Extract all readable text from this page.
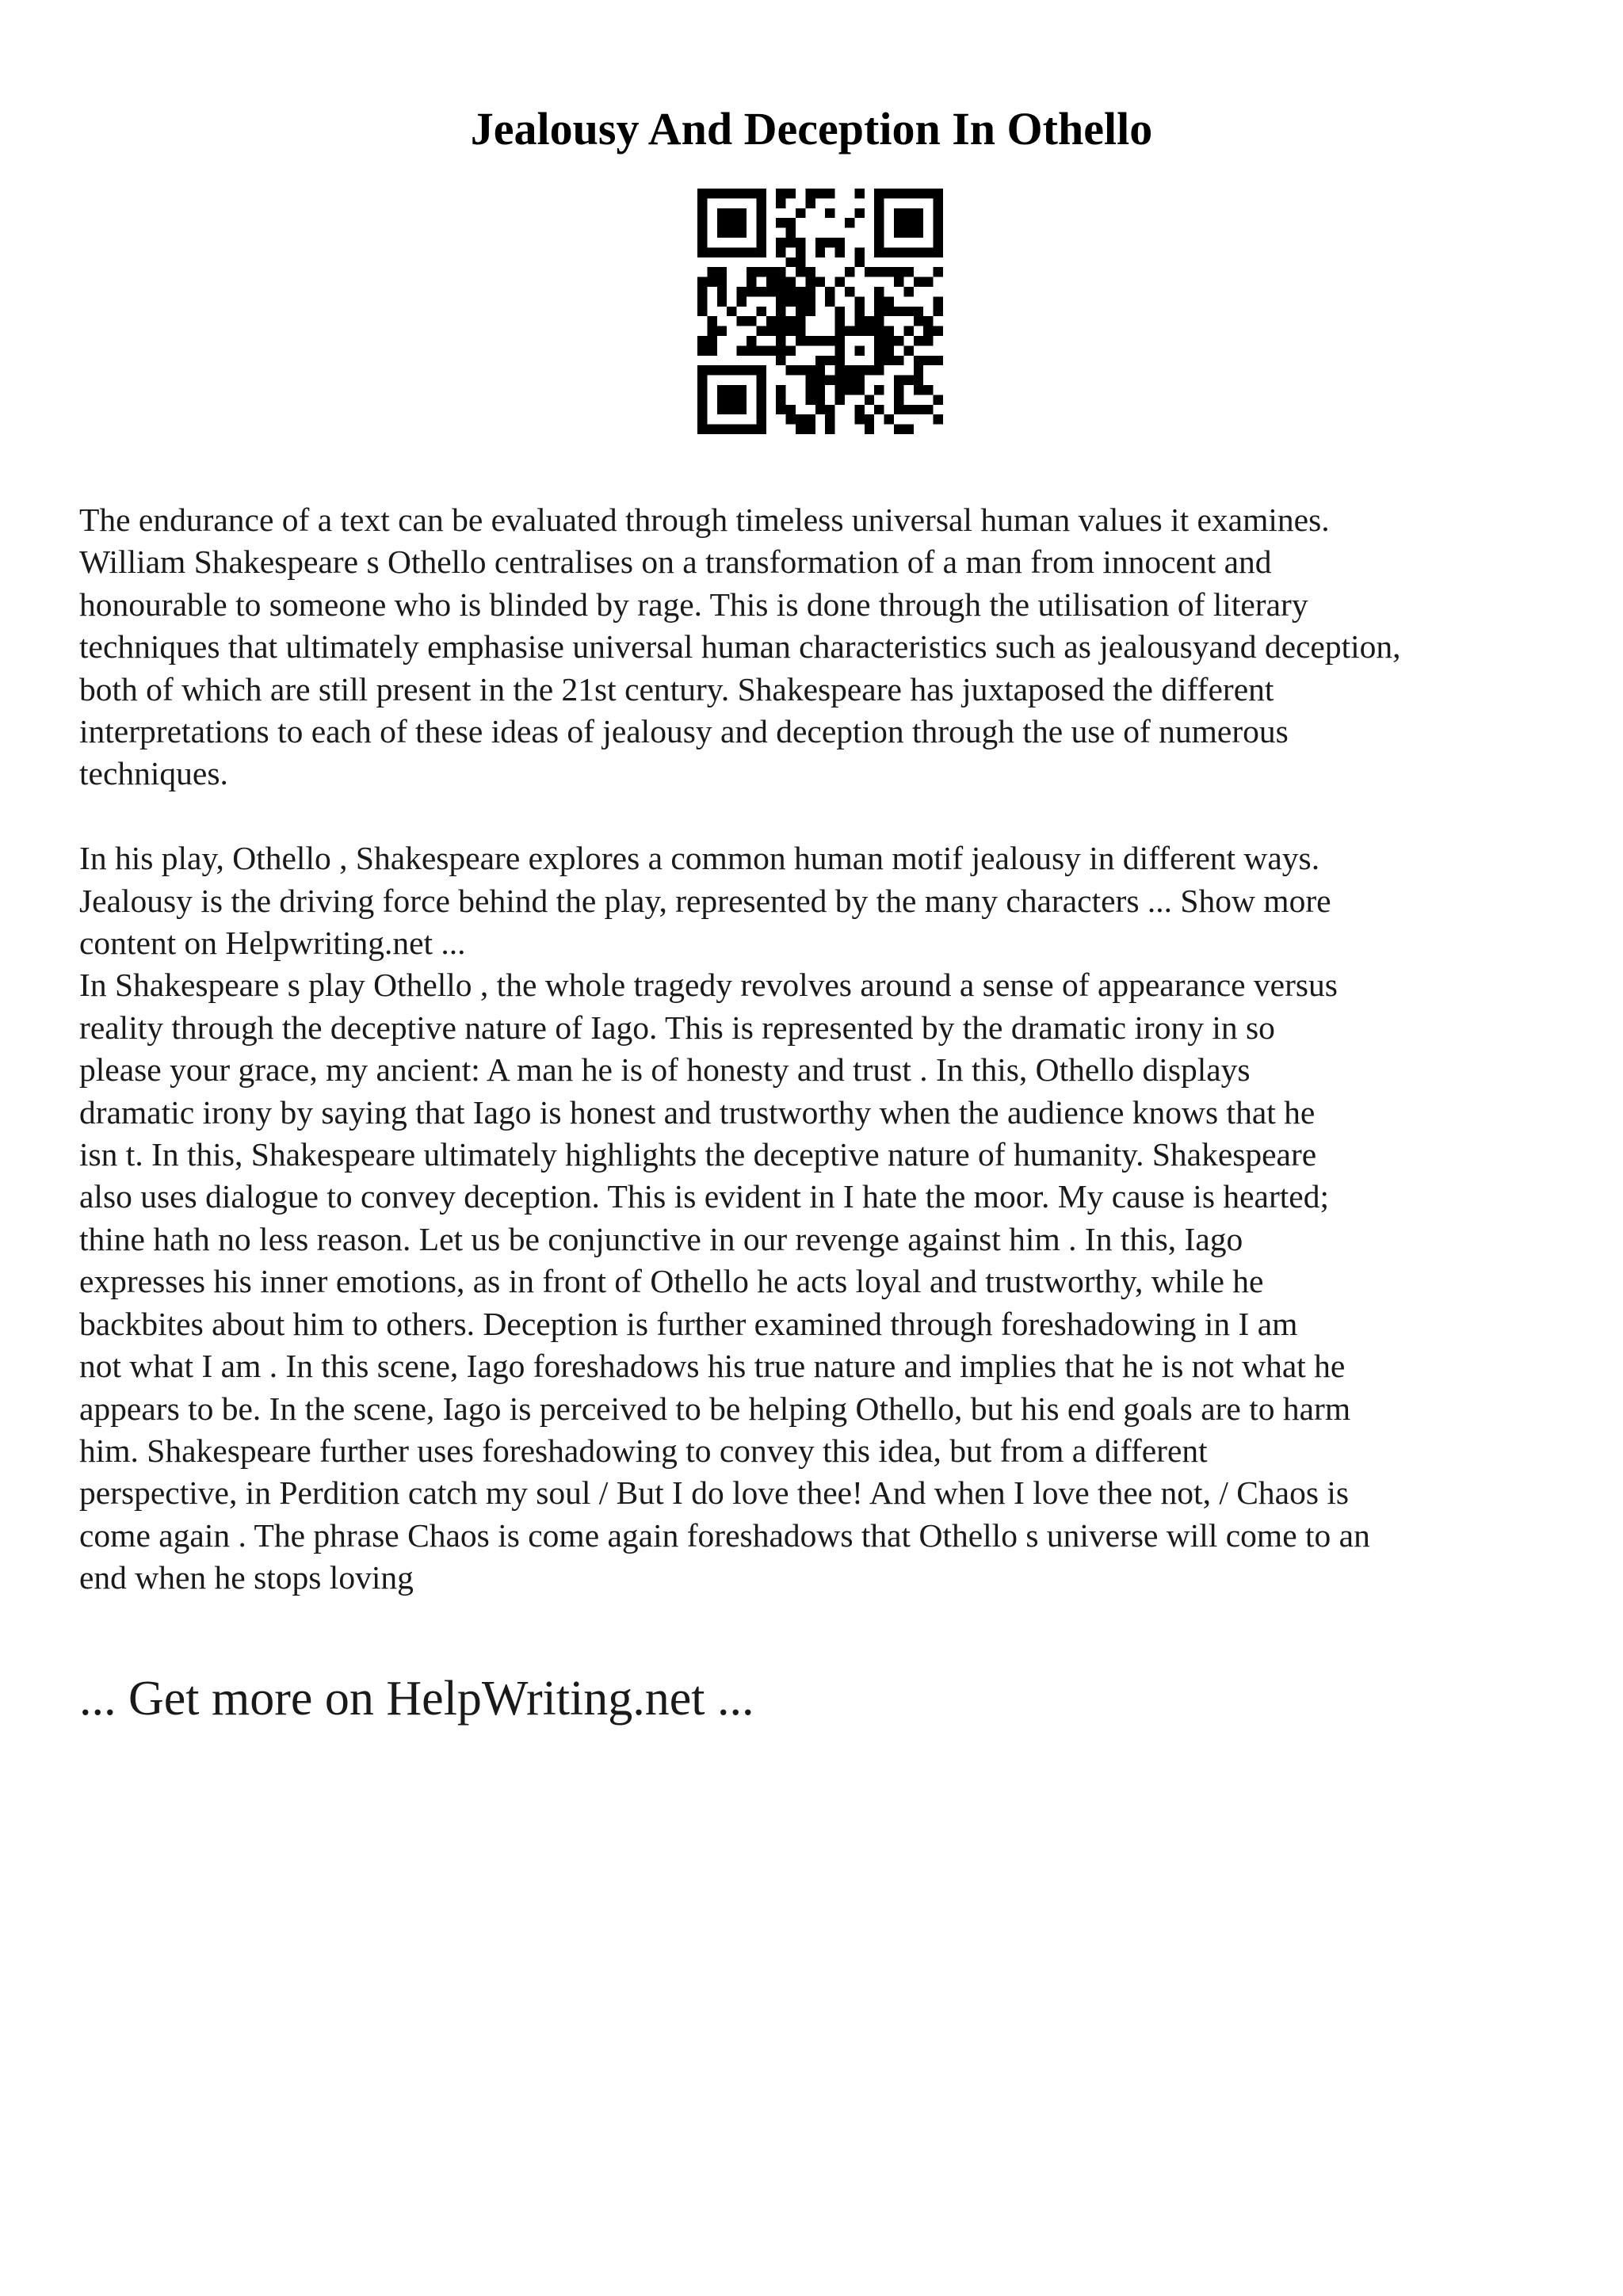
Jealousy And Deception In Othello

The endurance of a text can be evaluated through timeless universal human values it examines.
William Shakespeare s Othello centralises on a transformation of a man from innocent and
honourable to someone who is blinded by rage. This is done through the utilisation of literary
techniques that ultimately emphasise universal human characteristics such as jealousyand deception,
both of which are still present in the 21st century. Shakespeare has juxtaposed the different
interpretations to each of these ideas of jealousy and deception through the use of numerous
techniques.

In his play, Othello , Shakespeare explores a common human motif jealousy in different ways.
Jealousy is the driving force behind the play, represented by the many characters ... Show more
content on Helpwriting.net ...

In Shakespeare s play Othello , the whole tragedy revolves around a sense of appearance versus
reality through the deceptive nature of Iago. This is represented by the dramatic irony in so
please your grace, my ancient: A man he is of honesty and trust . In this, Othello displays
dramatic irony by saying that Iago is honest and trustworthy when the audience knows that he
isn t. In this, Shakespeare ultimately highlights the deceptive nature of humanity. Shakespeare
also uses dialogue to convey deception. This is evident in I hate the moor. My cause is hearted;
thine hath no less reason. Let us be conjunctive in our revenge against him . In this, Iago
expresses his inner emotions, as in front of Othello he acts loyal and trustworthy, while he
backbites about him to others. Deception is further examined through foreshadowing in I am
not what I am . In this scene, Iago foreshadows his true nature and implies that he is not what he
appears to be. In the scene, Iago is perceived to be helping Othello, but his end goals are to harm
him. Shakespeare further uses foreshadowing to convey this idea, but from a different
perspective, in Perdition catch my soul / But I do love thee! And when I love thee not, / Chaos is
come again . The phrase Chaos is come again foreshadows that Othello s universe will come to an
end when he stops loving

... Get more on HelpWriting.net ...
